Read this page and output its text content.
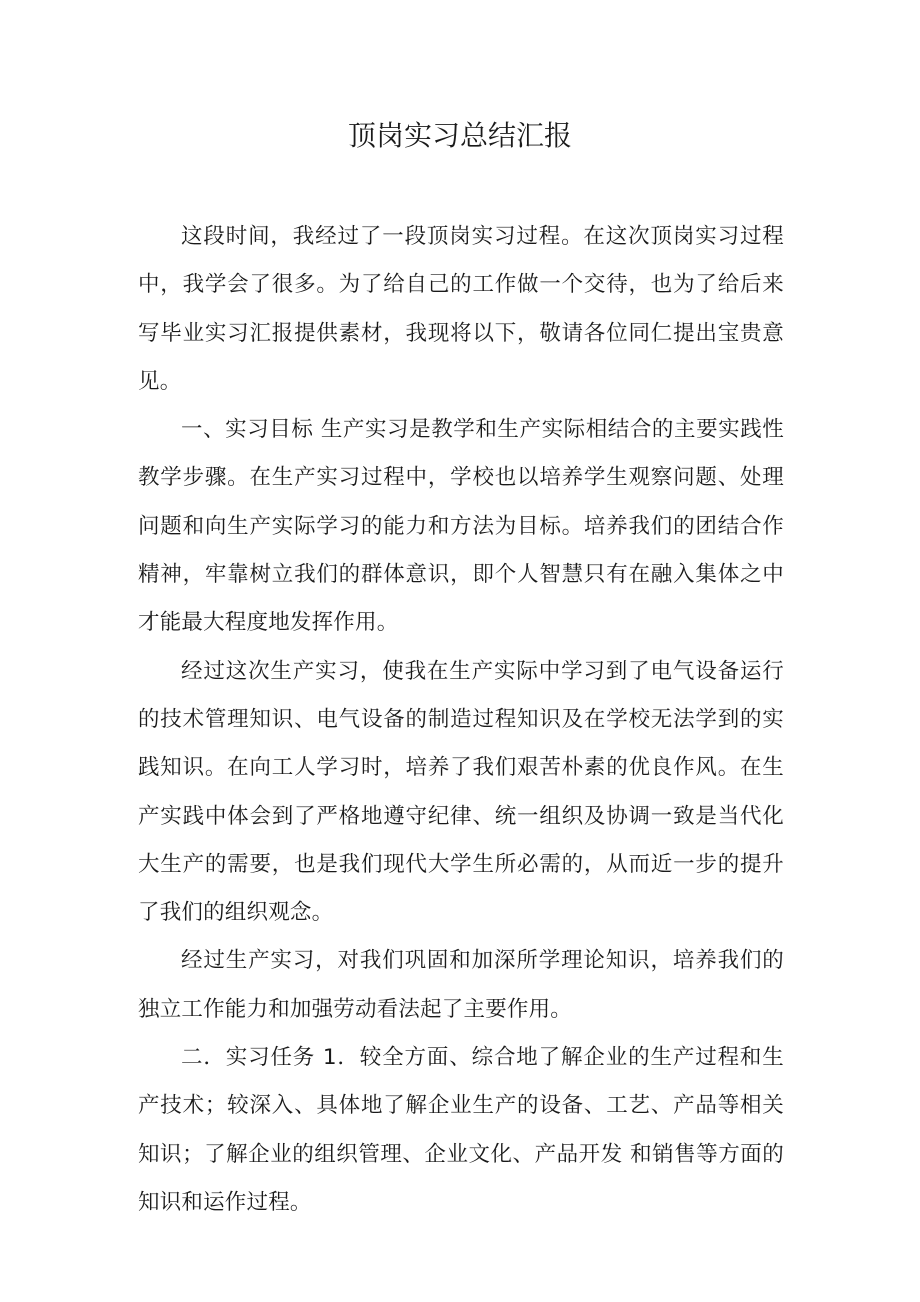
顶岗实习总结汇报

这段时间，我经过了一段顶岗实习过程。在这次顶岗实习过程中，我学会了很多。为了给自己的工作做一个交待，也为了给后来写毕业实习汇报提供素材，我现将以下，敬请各位同仁提出宝贵意见。

一、实习目标 生产实习是教学和生产实际相结合的主要实践性教学步骤。在生产实习过程中，学校也以培养学生观察问题、处理问题和向生产实际学习的能力和方法为目标。培养我们的团结合作精神，牢靠树立我们的群体意识，即个人智慧只有在融入集体之中才能最大程度地发挥作用。

经过这次生产实习，使我在生产实际中学习到了电气设备运行的技术管理知识、电气设备的制造过程知识及在学校无法学到的实践知识。在向工人学习时，培养了我们艰苦朴素的优良作风。在生产实践中体会到了严格地遵守纪律、统一组织及协调一致是当代化大生产的需要，也是我们现代大学生所必需的，从而近一步的提升了我们的组织观念。

经过生产实习，对我们巩固和加深所学理论知识，培养我们的独立工作能力和加强劳动看法起了主要作用。

二．实习任务 1．较全方面、综合地了解企业的生产过程和生产技术；较深入、具体地了解企业生产的设备、工艺、产品等相关知识；了解企业的组织管理、企业文化、产品开发 和销售等方面的知识和运作过程。
